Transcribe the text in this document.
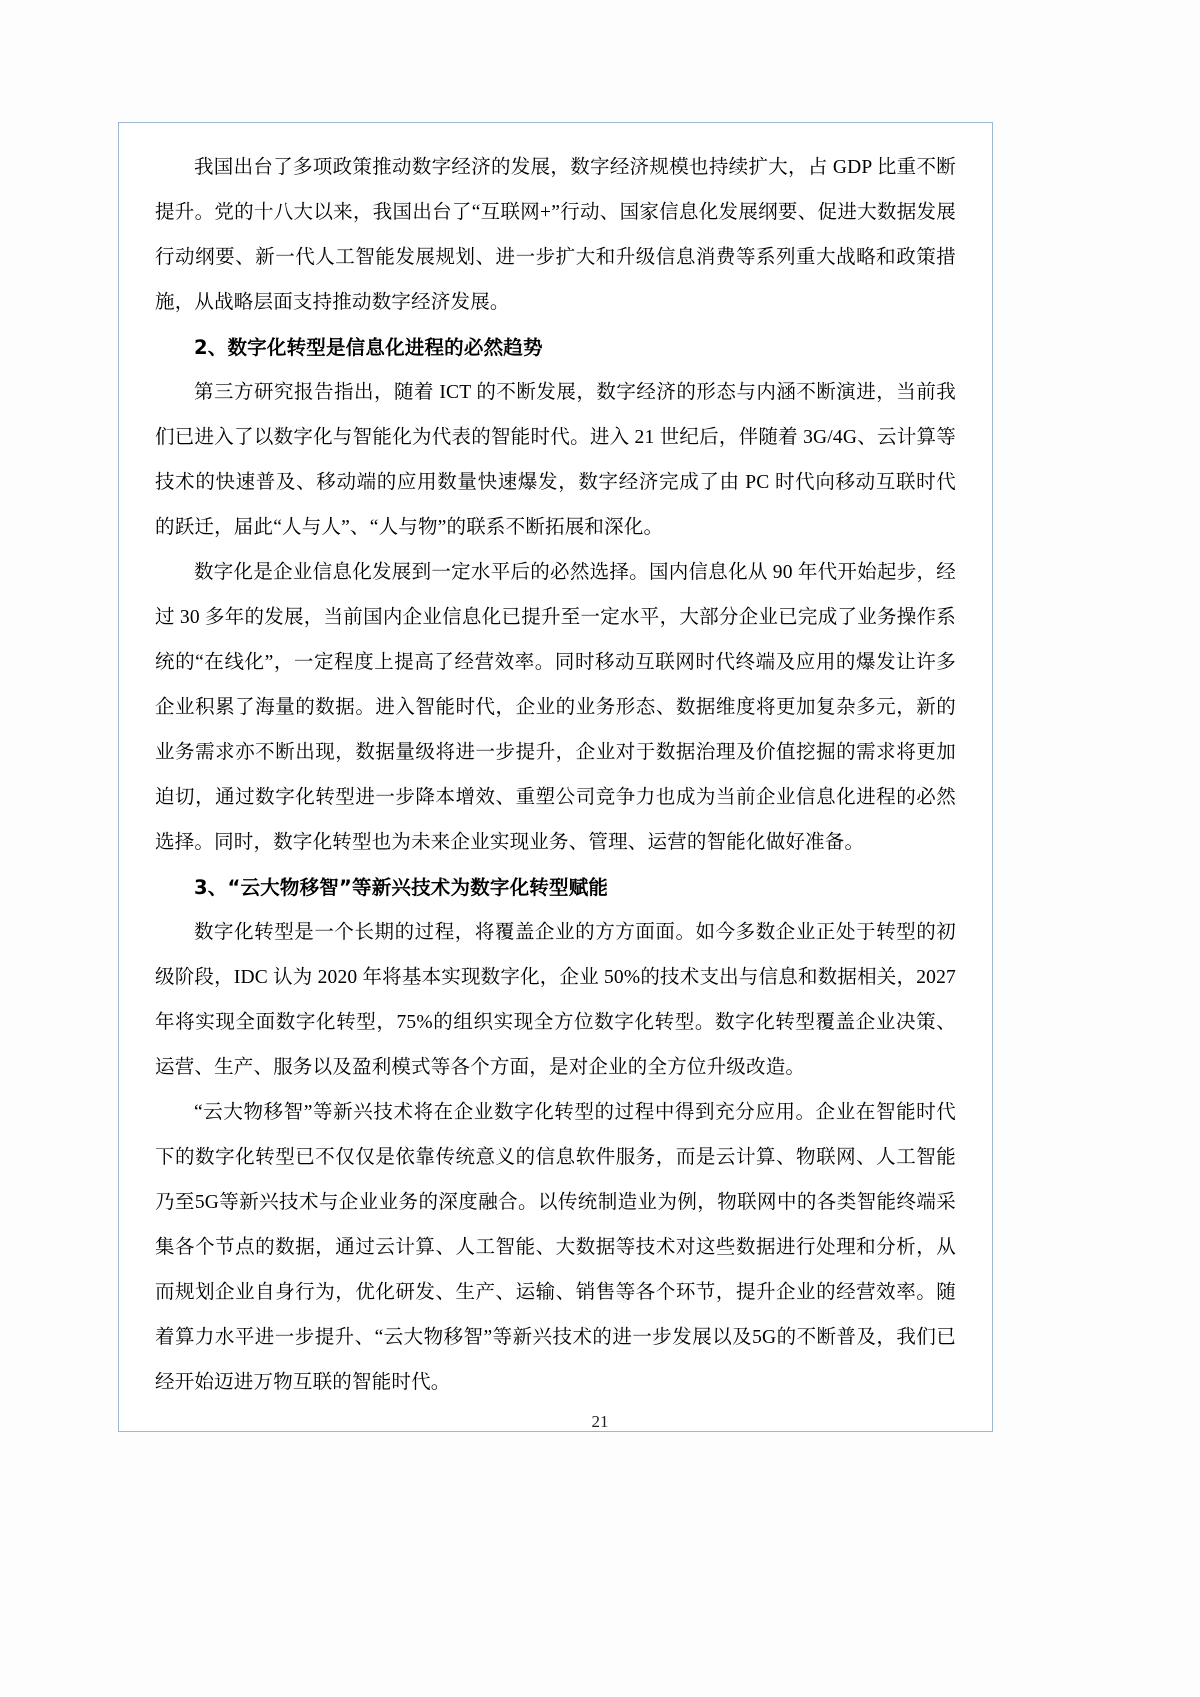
我国出台了多项政策推动数字经济的发展，数字经济规模也持续扩大，占 GDP 比重不断提升。党的十八大以来，我国出台了“互联网+”行动、国家信息化发展纲要、促进大数据发展行动纲要、新一代人工智能发展规划、进一步扩大和升级信息消费等系列重大战略和政策措施，从战略层面支持推动数字经济发展。

2、数字化转型是信息化进程的必然趋势

第三方研究报告指出，随着 ICT 的不断发展，数字经济的形态与内涵不断演进，当前我们已进入了以数字化与智能化为代表的智能时代。进入 21 世纪后，伴随着 3G/4G、云计算等技术的快速普及、移动端的应用数量快速爆发，数字经济完成了由 PC 时代向移动互联时代的跃迁，届此“人与人”、“人与物”的联系不断拓展和深化。

数字化是企业信息化发展到一定水平后的必然选择。国内信息化从 90 年代开始起步，经过 30 多年的发展，当前国内企业信息化已提升至一定水平，大部分企业已完成了业务操作系统的“在线化”，一定程度上提高了经营效率。同时移动互联网时代终端及应用的爆发让许多企业积累了海量的数据。进入智能时代，企业的业务形态、数据维度将更加复杂多元，新的业务需求亦不断出现，数据量级将进一步提升，企业对于数据治理及价值挖掘的需求将更加迫切，通过数字化转型进一步降本增效、重塑公司竞争力也成为当前企业信息化进程的必然选择。同时，数字化转型也为未来企业实现业务、管理、运营的智能化做好准备。

3、“云大物移智”等新兴技术为数字化转型赋能

数字化转型是一个长期的过程，将覆盖企业的方方面面。如今多数企业正处于转型的初级阶段，IDC 认为 2020 年将基本实现数字化，企业 50%的技术支出与信息和数据相关，2027 年将实现全面数字化转型，75%的组织实现全方位数字化转型。数字化转型覆盖企业决策、运营、生产、服务以及盈利模式等各个方面，是对企业的全方位升级改造。

“云大物移智”等新兴技术将在企业数字化转型的过程中得到充分应用。企业在智能时代下的数字化转型已不仅仅是依靠传统意义的信息软件服务，而是云计算、物联网、人工智能乃至5G等新兴技术与企业业务的深度融合。以传统制造业为例，物联网中的各类智能终端采集各个节点的数据，通过云计算、人工智能、大数据等技术对这些数据进行处理和分析，从而规划企业自身行为，优化研发、生产、运输、销售等各个环节，提升企业的经营效率。随着算力水平进一步提升、“云大物移智”等新兴技术的进一步发展以及5G的不断普及，我们已经开始迈进万物互联的智能时代。

21
